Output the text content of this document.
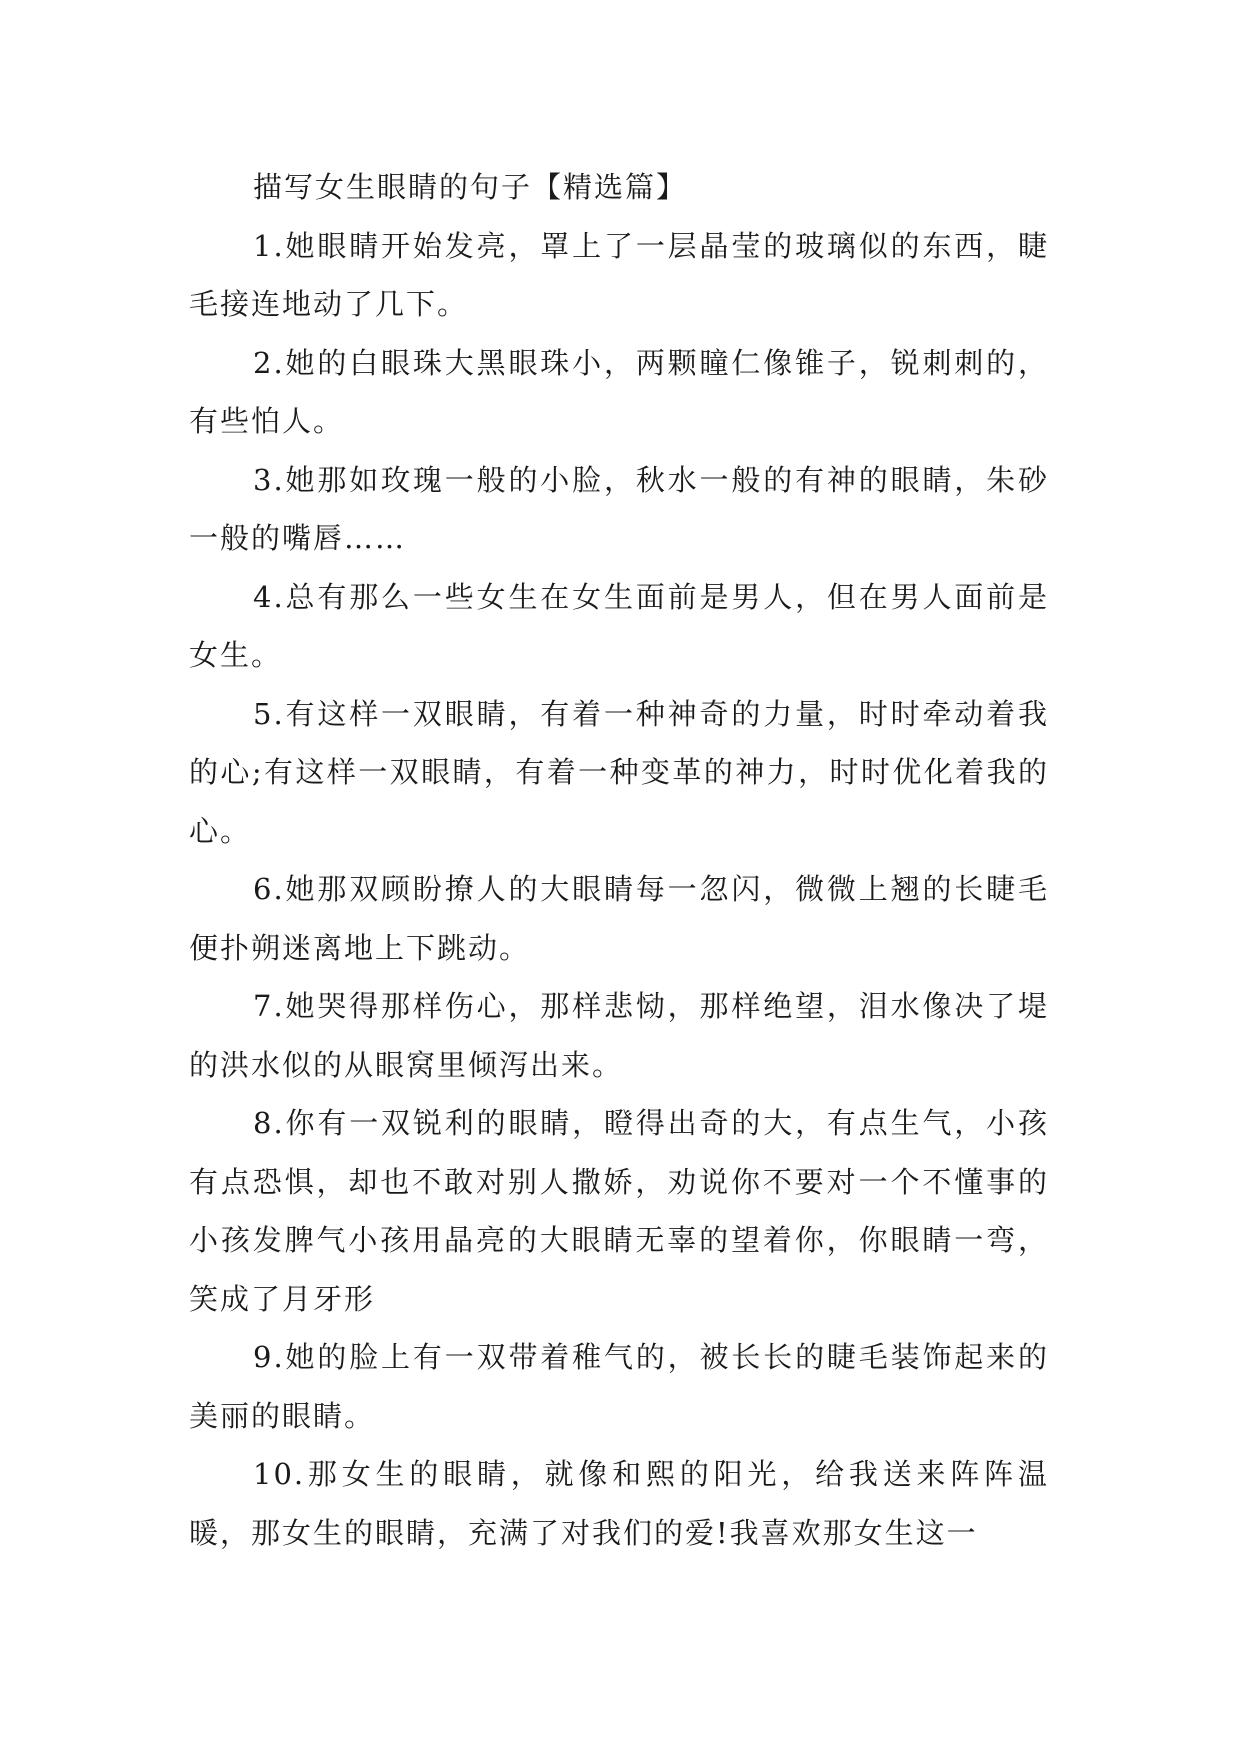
描写女生眼睛的句子【精选篇】

1.她眼睛开始发亮，罩上了一层晶莹的玻璃似的东西，睫毛接连地动了几下。

2.她的白眼珠大黑眼珠小，两颗瞳仁像锥子，锐刺刺的，有些怕人。

3.她那如玫瑰一般的小脸，秋水一般的有神的眼睛，朱砂一般的嘴唇……

4.总有那么一些女生在女生面前是男人，但在男人面前是女生。

5.有这样一双眼睛，有着一种神奇的力量，时时牵动着我的心;有这样一双眼睛，有着一种变革的神力，时时优化着我的心。

6.她那双顾盼撩人的大眼睛每一忽闪，微微上翘的长睫毛便扑朔迷离地上下跳动。

7.她哭得那样伤心，那样悲恸，那样绝望，泪水像决了堤的洪水似的从眼窝里倾泻出来。

8.你有一双锐利的眼睛，瞪得出奇的大，有点生气，小孩有点恐惧，却也不敢对别人撒娇，劝说你不要对一个不懂事的小孩发脾气小孩用晶亮的大眼睛无辜的望着你，你眼睛一弯，笑成了月牙形

9.她的脸上有一双带着稚气的，被长长的睫毛装饰起来的美丽的眼睛。

10.那女生的眼睛，就像和熙的阳光，给我送来阵阵温暖，那女生的眼睛，充满了对我们的爱!我喜欢那女生这一
